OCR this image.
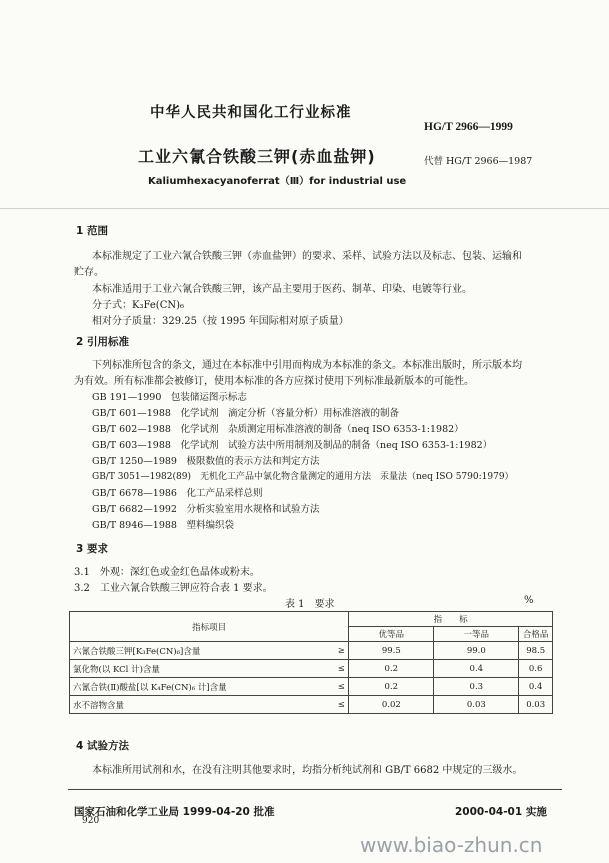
中华人民共和国化工行业标准
HG/T 2966—1999
工业六氰合铁酸三钾(赤血盐钾)	代替 HG/T 2966—1987
Kaliumhexacyanoferrat（Ⅲ）for industrial use
1 范围
本标准规定了工业六氰合铁酸三钾（赤血盐钾）的要求、采样、试验方法以及标志、包装、运输和
贮存。
本标准适用于工业六氰合铁酸三钾，该产品主要用于医药、制革、印染、电镀等行业。
分子式：K₃Fe(CN)₆
相对分子质量：329.25（按 1995 年国际相对原子质量）
2 引用标准
下列标准所包含的条文，通过在本标准中引用而构成为本标准的条文。本标准出版时，所示版本均
为有效。所有标准都会被修订，使用本标准的各方应探讨使用下列标准最新版本的可能性。
GB 191—1990　 包装储运图示标志
GB/T 601—1988　 化学试剂　滴定分析（容量分析）用标准溶液的制备
GB/T 602—1988　 化学试剂　杂质测定用标准溶液的制备（neq ISO 6353-1:1982）
GB/T 603—1988　 化学试剂　试验方法中所用制剂及制品的制备（neq ISO 6353-1:1982）
GB/T 1250—1989　 极限数值的表示方法和判定方法
GB/T 3051—1982(89)　 无机化工产品中氯化物含量测定的通用方法　汞量法（neq ISO 5790:1979）
GB/T 6678—1986　 化工产品采样总则
GB/T 6682—1992　 分析实验室用水规格和试验方法
GB/T 8946—1988　 塑料编织袋
3 要求
3.1　外观：深红色或金红色晶体或粉末。
3.2　工业六氰合铁酸三钾应符合表 1 要求。
表 1　要求	%
指标项目		指　　标		
		优等品	一等品	合格品
六氰合铁酸三钾[K₃Fe(CN)₆]含量	≥	99.5	99.0	98.5
氯化物(以 KCl 计)含量	≤	0.2	0.4	0.6
六氰合铁(Ⅱ)酸盐[以 K₄Fe(CN)₆ 计]含量	≤	0.2	0.3	0.4
水不溶物含量	≤	0.02	0.03	0.03
4 试验方法
本标准所用试剂和水，在没有注明其他要求时，均指分析纯试剂和 GB/T 6682 中规定的三级水。
国家石油和化学工业局 1999-04-20 批准	2000-04-01 实施
920
www.biao-zhun.cn
